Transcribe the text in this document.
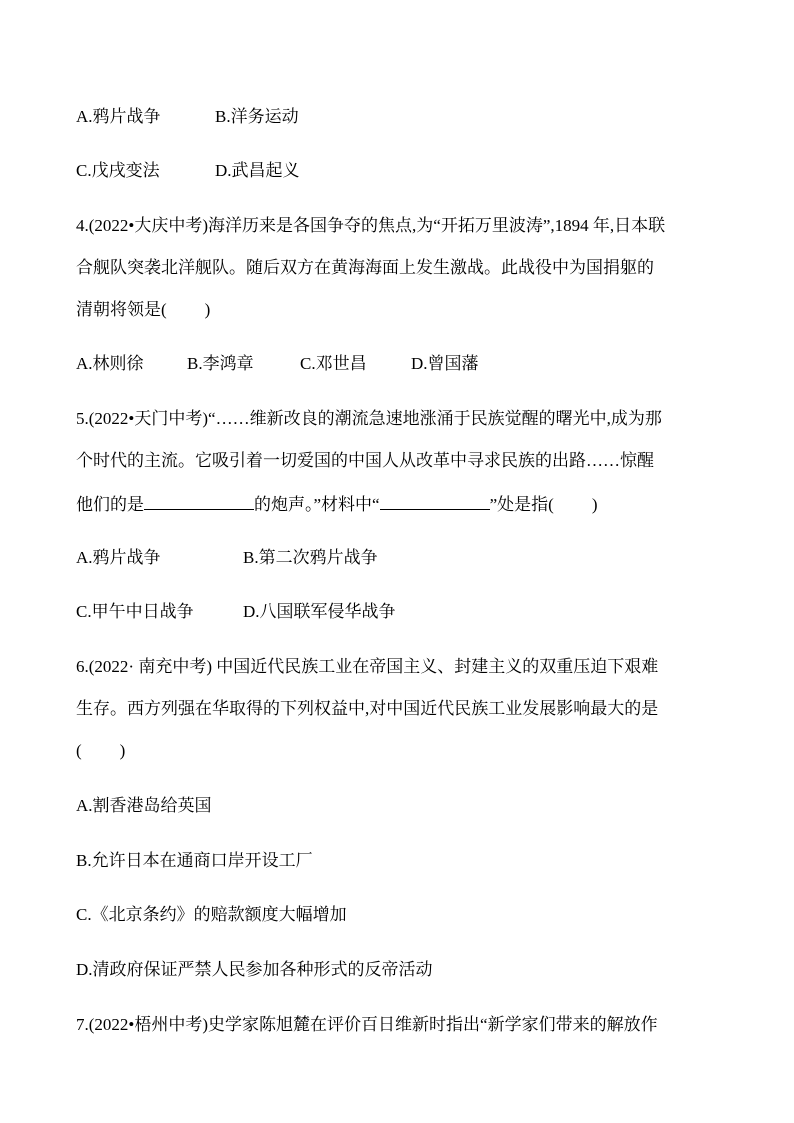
A.鸦片战争	B.洋务运动
C.戊戌变法	D.武昌起义
4.(2022•大庆中考)海洋历来是各国争夺的焦点,为“开拓万里波涛”,1894 年,日本联
合舰队突袭北洋舰队。随后双方在黄海海面上发生激战。此战役中为国捐躯的
清朝将领是( )
A.林则徐	B.李鸿章	C.邓世昌	D.曾国藩
5.(2022•天门中考)“……维新改良的潮流急速地涨涌于民族觉醒的曙光中,成为那
个时代的主流。它吸引着一切爱国的中国人从改革中寻求民族的出路……惊醒
他们的是	的炮声。”材料中“	”处是指( )
A.鸦片战争	B.第二次鸦片战争
C.甲午中日战争	D.八国联军侵华战争
6.(2022· 南充中考) 中国近代民族工业在帝国主义、封建主义的双重压迫下艰难
生存。西方列强在华取得的下列权益中,对中国近代民族工业发展影响最大的是
( )
A.割香港岛给英国
B.允许日本在通商口岸开设工厂
C.《北京条约》的赔款额度大幅增加
D.清政府保证严禁人民参加各种形式的反帝活动
7.(2022•梧州中考)史学家陈旭麓在评价百日维新时指出“新学家们带来的解放作
